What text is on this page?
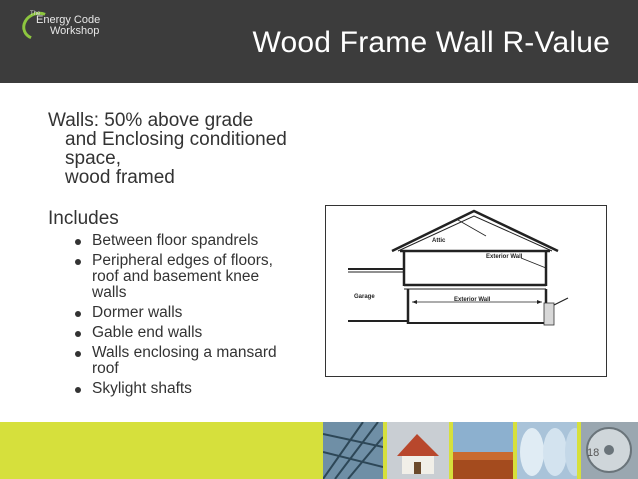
The
Energy Code
Workshop	Wood Frame Wall R-Value
Walls: 50% above grade
and Enclosing conditioned
space,
wood framed
Includes
Between floor spandrels
Peripheral edges of floors,
roof and basement knee
walls
Dormer walls
Gable end walls
Walls enclosing a mansard
roof
Skylight shafts
Attic
Exterior Wall
Garage	Exterior Wall
18
